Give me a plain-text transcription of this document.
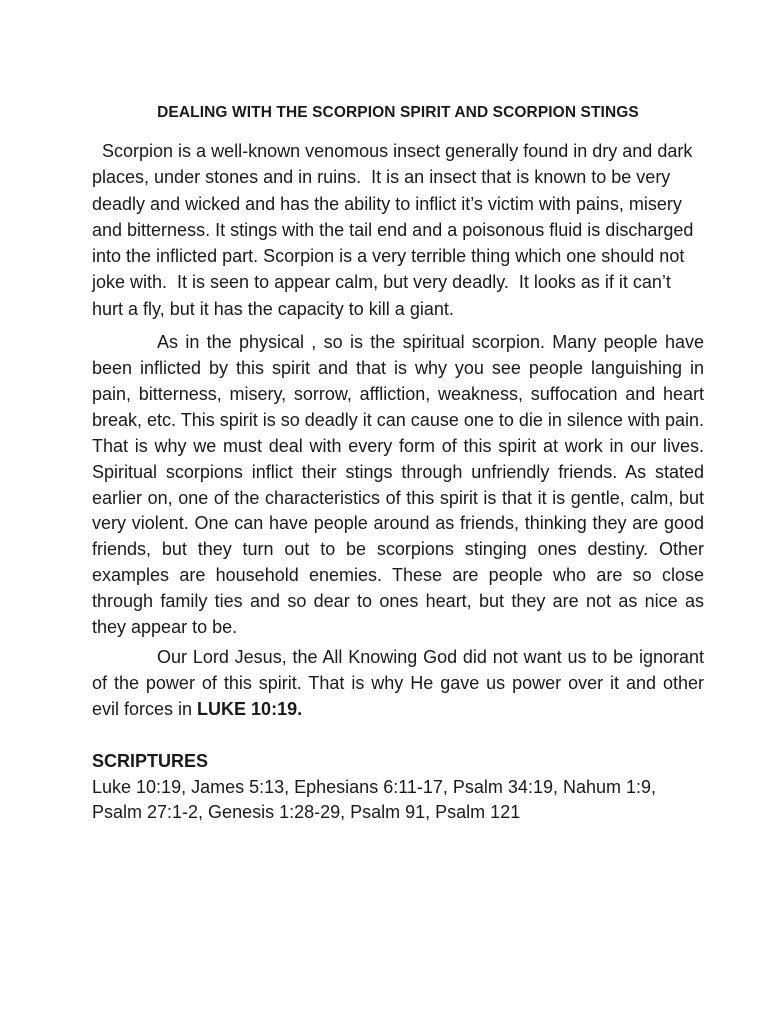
DEALING WITH THE SCORPION SPIRIT AND SCORPION STINGS

Scorpion is a well-known venomous insect generally found in dry and dark places, under stones and in ruins.  It is an insect that is known to be very deadly and wicked and has the ability to inflict it’s victim with pains, misery and bitterness. It stings with the tail end and a poisonous fluid is discharged into the inflicted part. Scorpion is a very terrible thing which one should not joke with.  It is seen to appear calm, but very deadly.  It looks as if it can’t hurt a fly, but it has the capacity to kill a giant.

As in the physical , so is the spiritual scorpion. Many people have been inflicted by this spirit and that is why you see people languishing in pain, bitterness, misery, sorrow, affliction, weakness, suffocation and heart break, etc. This spirit is so deadly it can cause one to die in silence with pain. That is why we must deal with every form of this spirit at work in our lives. Spiritual scorpions inflict their stings through unfriendly friends. As stated earlier on, one of the characteristics of this spirit is that it is gentle, calm, but very violent. One can have people around as friends, thinking they are good friends, but they turn out to be scorpions stinging ones destiny. Other examples are household enemies. These are people who are so close through family ties and so dear to ones heart, but they are not as nice as they appear to be.

Our Lord Jesus, the All Knowing God did not want us to be ignorant of the power of this spirit. That is why He gave us power over it and other evil forces in LUKE 10:19.

SCRIPTURES

Luke 10:19, James 5:13, Ephesians 6:11-17, Psalm 34:19, Nahum 1:9, Psalm 27:1-2, Genesis 1:28-29, Psalm 91, Psalm 121
